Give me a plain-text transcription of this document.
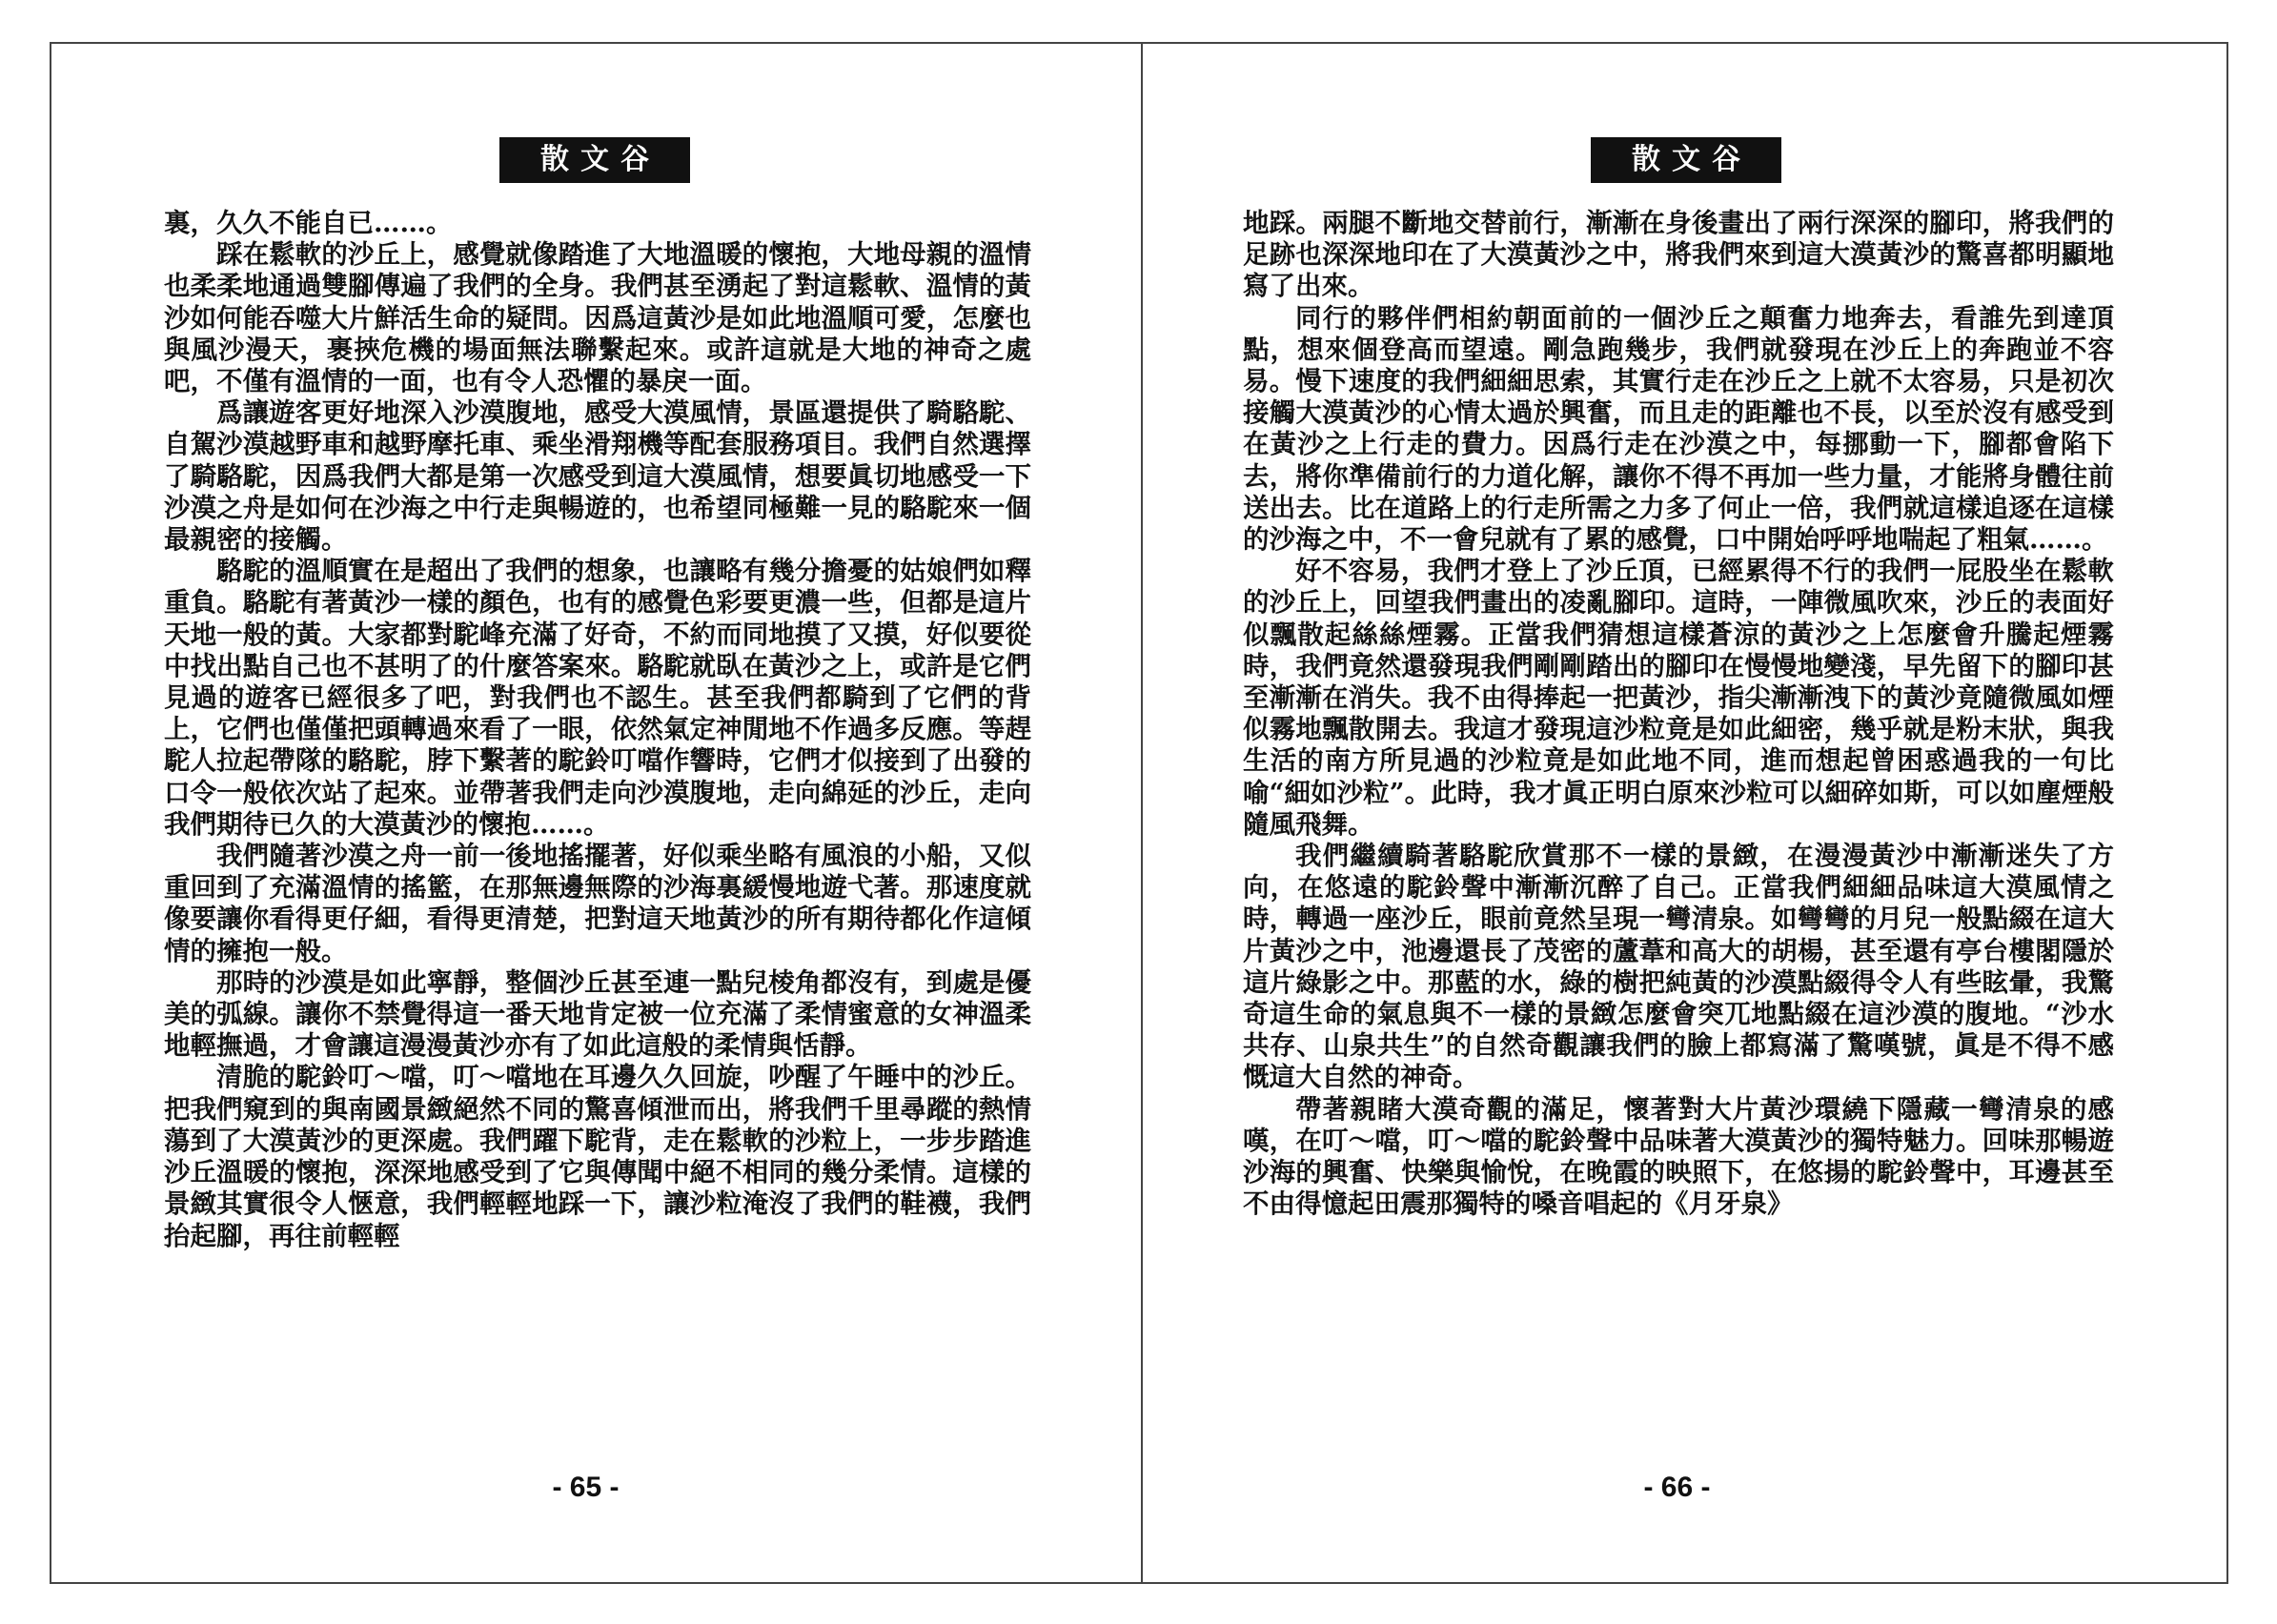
散文谷

裏，久久不能自已……。

踩在鬆軟的沙丘上，感覺就像踏進了大地溫暖的懷抱，大地母親的溫情也柔柔地通過雙腳傳遍了我們的全身。我們甚至湧起了對這鬆軟、溫情的黃沙如何能吞噬大片鮮活生命的疑問。因爲這黃沙是如此地溫順可愛，怎麼也與風沙漫天，裹挾危機的場面無法聯繫起來。或許這就是大地的神奇之處吧，不僅有溫情的一面，也有令人恐懼的暴戾一面。

爲讓遊客更好地深入沙漠腹地，感受大漠風情，景區還提供了騎駱駝、自駕沙漠越野車和越野摩托車、乘坐滑翔機等配套服務項目。我們自然選擇了騎駱駝，因爲我們大都是第一次感受到這大漠風情，想要眞切地感受一下沙漠之舟是如何在沙海之中行走與暢遊的，也希望同極難一見的駱駝來一個最親密的接觸。

駱駝的溫順實在是超出了我們的想象，也讓略有幾分擔憂的姑娘們如釋重負。駱駝有著黃沙一樣的顏色，也有的感覺色彩要更濃一些，但都是這片天地一般的黃。大家都對駝峰充滿了好奇，不約而同地摸了又摸，好似要從中找出點自己也不甚明了的什麼答案來。駱駝就臥在黃沙之上，或許是它們見過的遊客已經很多了吧，對我們也不認生。甚至我們都騎到了它們的背上，它們也僅僅把頭轉過來看了一眼，依然氣定神閒地不作過多反應。等趕駝人拉起帶隊的駱駝，脖下繫著的駝鈴叮噹作響時，它們才似接到了出發的口令一般依次站了起來。並帶著我們走向沙漠腹地，走向綿延的沙丘，走向我們期待已久的大漠黃沙的懷抱……。

我們隨著沙漠之舟一前一後地搖擺著，好似乘坐略有風浪的小船，又似重回到了充滿溫情的搖籃，在那無邊無際的沙海裏緩慢地遊弋著。那速度就像要讓你看得更仔細，看得更清楚，把對這天地黃沙的所有期待都化作這傾情的擁抱一般。

那時的沙漠是如此寧靜，整個沙丘甚至連一點兒棱角都沒有，到處是優美的弧線。讓你不禁覺得這一番天地肯定被一位充滿了柔情蜜意的女神溫柔地輕撫過，才會讓這漫漫黃沙亦有了如此這般的柔情與恬靜。

清脆的駝鈴叮～噹，叮～噹地在耳邊久久回旋，吵醒了午睡中的沙丘。把我們窺到的與南國景緻絕然不同的驚喜傾泄而出，將我們千里尋蹤的熱情蕩到了大漠黃沙的更深處。我們躍下駝背，走在鬆軟的沙粒上，一步步踏進沙丘溫暖的懷抱，深深地感受到了它與傳聞中絕不相同的幾分柔情。這樣的景緻其實很令人愜意，我們輕輕地踩一下，讓沙粒淹沒了我們的鞋襪，我們抬起腳，再往前輕輕

- 65 -
散文谷

地踩。兩腿不斷地交替前行，漸漸在身後畫出了兩行深深的腳印，將我們的足跡也深深地印在了大漠黃沙之中，將我們來到這大漠黃沙的驚喜都明顯地寫了出來。

同行的夥伴們相約朝面前的一個沙丘之顛奮力地奔去，看誰先到達頂點，想來個登高而望遠。剛急跑幾步，我們就發現在沙丘上的奔跑並不容易。慢下速度的我們細細思索，其實行走在沙丘之上就不太容易，只是初次接觸大漠黃沙的心情太過於興奮，而且走的距離也不長，以至於沒有感受到在黃沙之上行走的費力。因爲行走在沙漠之中，每挪動一下，腳都會陷下去，將你準備前行的力道化解，讓你不得不再加一些力量，才能將身體往前送出去。比在道路上的行走所需之力多了何止一倍，我們就這樣追逐在這樣的沙海之中，不一會兒就有了累的感覺，口中開始呼呼地喘起了粗氣……。

好不容易，我們才登上了沙丘頂，已經累得不行的我們一屁股坐在鬆軟的沙丘上，回望我們畫出的凌亂腳印。這時，一陣微風吹來，沙丘的表面好似飄散起絲絲煙霧。正當我們猜想這樣蒼涼的黃沙之上怎麼會升騰起煙霧時，我們竟然還發現我們剛剛踏出的腳印在慢慢地變淺，早先留下的腳印甚至漸漸在消失。我不由得捧起一把黃沙，指尖漸漸洩下的黃沙竟隨微風如煙似霧地飄散開去。我這才發現這沙粒竟是如此細密，幾乎就是粉末狀，與我生活的南方所見過的沙粒竟是如此地不同，進而想起曾困惑過我的一句比喻“細如沙粒”。此時，我才眞正明白原來沙粒可以細碎如斯，可以如塵煙般隨風飛舞。

我們繼續騎著駱駝欣賞那不一樣的景緻，在漫漫黃沙中漸漸迷失了方向，在悠遠的駝鈴聲中漸漸沉醉了自己。正當我們細細品味這大漠風情之時，轉過一座沙丘，眼前竟然呈現一彎清泉。如彎彎的月兒一般點綴在這大片黃沙之中，池邊還長了茂密的蘆葦和高大的胡楊，甚至還有亭台樓閣隱於這片綠影之中。那藍的水，綠的樹把純黃的沙漠點綴得令人有些眩暈，我驚奇這生命的氣息與不一樣的景緻怎麼會突兀地點綴在這沙漠的腹地。“沙水共存、山泉共生”的自然奇觀讓我們的臉上都寫滿了驚嘆號，眞是不得不感慨這大自然的神奇。

帶著親睹大漠奇觀的滿足，懷著對大片黃沙環繞下隱藏一彎清泉的感嘆，在叮～噹，叮～噹的駝鈴聲中品味著大漠黃沙的獨特魅力。回味那暢遊沙海的興奮、快樂與愉悅，在晚霞的映照下，在悠揚的駝鈴聲中，耳邊甚至不由得憶起田震那獨特的嗓音唱起的《月牙泉》

- 66 -
